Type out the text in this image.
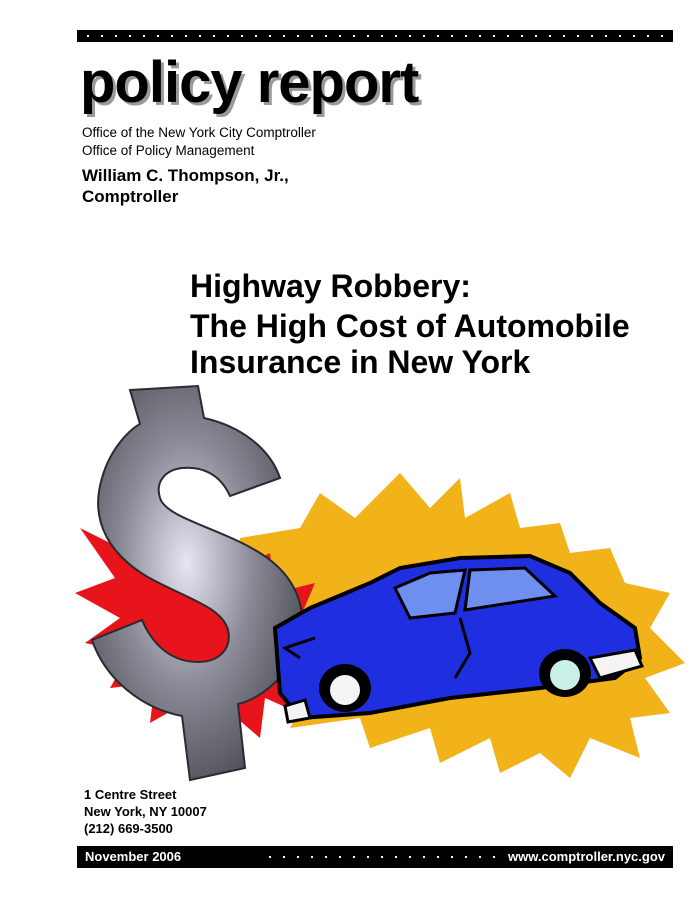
policy report
Office of the New York City Comptroller
Office of Policy Management
William C. Thompson, Jr.,
Comptroller
Highway Robbery:
The High Cost of Automobile
Insurance in New York
1 Centre Street
New York, NY 10007
(212) 669-3500
November 2006	www.comptroller.nyc.gov
